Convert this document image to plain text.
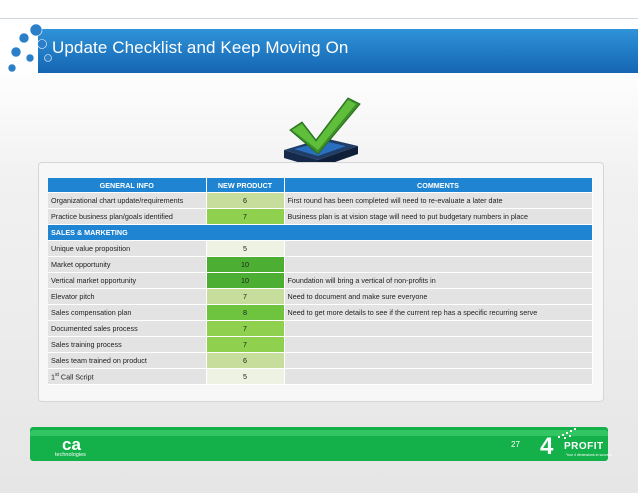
Update Checklist and Keep Moving On
GENERAL INFO	NEW PRODUCT	COMMENTS
Organizational chart update/requirements	6	First round has been completed will need to re-evaluate a later date
Practice business plan/goals identified	7	Business plan is at vision stage will need to put budgetary numbers in place
SALES & MARKETING		
Unique value proposition	5	
Market opportunity	10	
Vertical market opportunity	10	Foundation will bring a vertical of non-profits in
Elevator pitch	7	Need to document and make sure everyone
Sales compensation plan	8	Need to get more details to see if the current rep has a specific recurring serve
Documented sales process	7	
Sales training process	7	
Sales team trained on product	6	
1st Call Script	5	
ca
technologies
27 4 PROFIT
Your 4 dimensions to success
